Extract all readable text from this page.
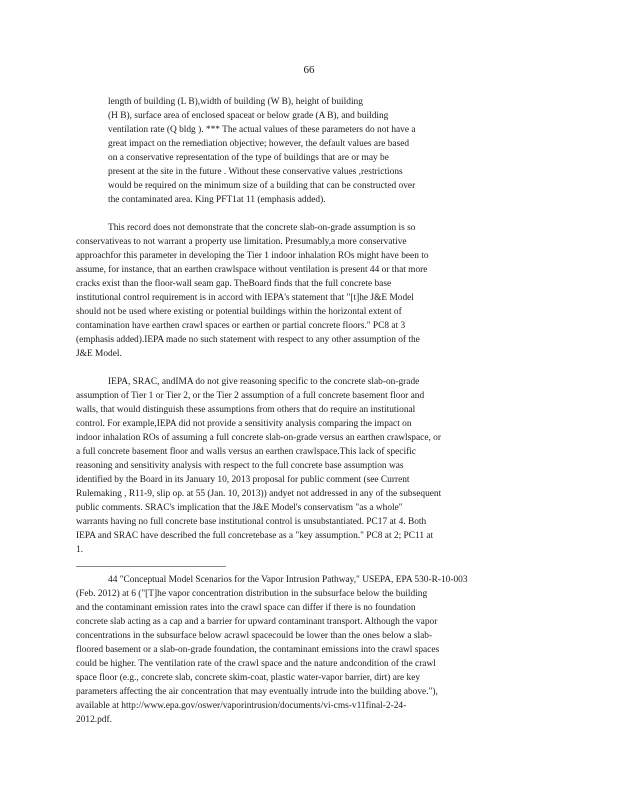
66
length of building (L B),width of building (W B), height of building
(H B), surface area of enclosed spaceat or below grade (A B), and building
ventilation rate (Q bldg ). *** The actual values of these parameters do not have a
great impact on the remediation objective; however, the default values are based
on a conservative representation of the type of buildings that are or may be
present at the site in the future . Without these conservative values ,restrictions
would be required on the minimum size of a building that can be constructed over
the contaminated area. King PFT1at 11 (emphasis added).
This record does not demonstrate that the concrete slab-on-grade assumption is so
conservativeas to not warrant a property use limitation. Presumably,a more conservative
approachfor this parameter in developing the Tier 1 indoor inhalation ROs might have been to
assume, for instance, that an earthen crawlspace without ventilation is present 44 or that more
cracks exist than the floor-wall seam gap. TheBoard finds that the full concrete base
institutional control requirement is in accord with IEPA's statement that "[t]he J&E Model
should not be used where existing or potential buildings within the horizontal extent of
contamination have earthen crawl spaces or earthen or partial concrete floors." PC8 at 3
(emphasis added).IEPA made no such statement with respect to any other assumption of the
J&E Model.
IEPA, SRAC, andIMA do not give reasoning specific to the concrete slab-on-grade
assumption of Tier 1 or Tier 2, or the Tier 2 assumption of a full concrete basement floor and
walls, that would distinguish these assumptions from others that do require an institutional
control. For example,IEPA did not provide a sensitivity analysis comparing the impact on
indoor inhalation ROs of assuming a full concrete slab-on-grade versus an earthen crawlspace, or
a full concrete basement floor and walls versus an earthen crawlspace.This lack of specific
reasoning and sensitivity analysis with respect to the full concrete base assumption was
identified by the Board in its January 10, 2013 proposal for public comment (see Current
Rulemaking , R11-9, slip op. at 55 (Jan. 10, 2013)) andyet not addressed in any of the subsequent
public comments. SRAC's implication that the J&E Model's conservatism "as a whole"
warrants having no full concrete base institutional control is unsubstantiated. PC17 at 4. Both
IEPA and SRAC have described the full concretebase as a "key assumption." PC8 at 2; PC11 at
1.
44 "Conceptual Model Scenarios for the Vapor Intrusion Pathway," USEPA, EPA 530-R-10-003
(Feb. 2012) at 6 ("[T]he vapor concentration distribution in the subsurface below the building
and the contaminant emission rates into the crawl space can differ if there is no foundation
concrete slab acting as a cap and a barrier for upward contaminant transport. Although the vapor
concentrations in the subsurface below acrawl spacecould be lower than the ones below a slab-
floored basement or a slab-on-grade foundation, the contaminant emissions into the crawl spaces
could be higher. The ventilation rate of the crawl space and the nature andcondition of the crawl
space floor (e.g., concrete slab, concrete skim-coat, plastic water-vapor barrier, dirt) are key
parameters affecting the air concentration that may eventually intrude into the building above."),
available at http://www.epa.gov/oswer/vaporintrusion/documents/vi-cms-v11final-2-24-
2012.pdf.
